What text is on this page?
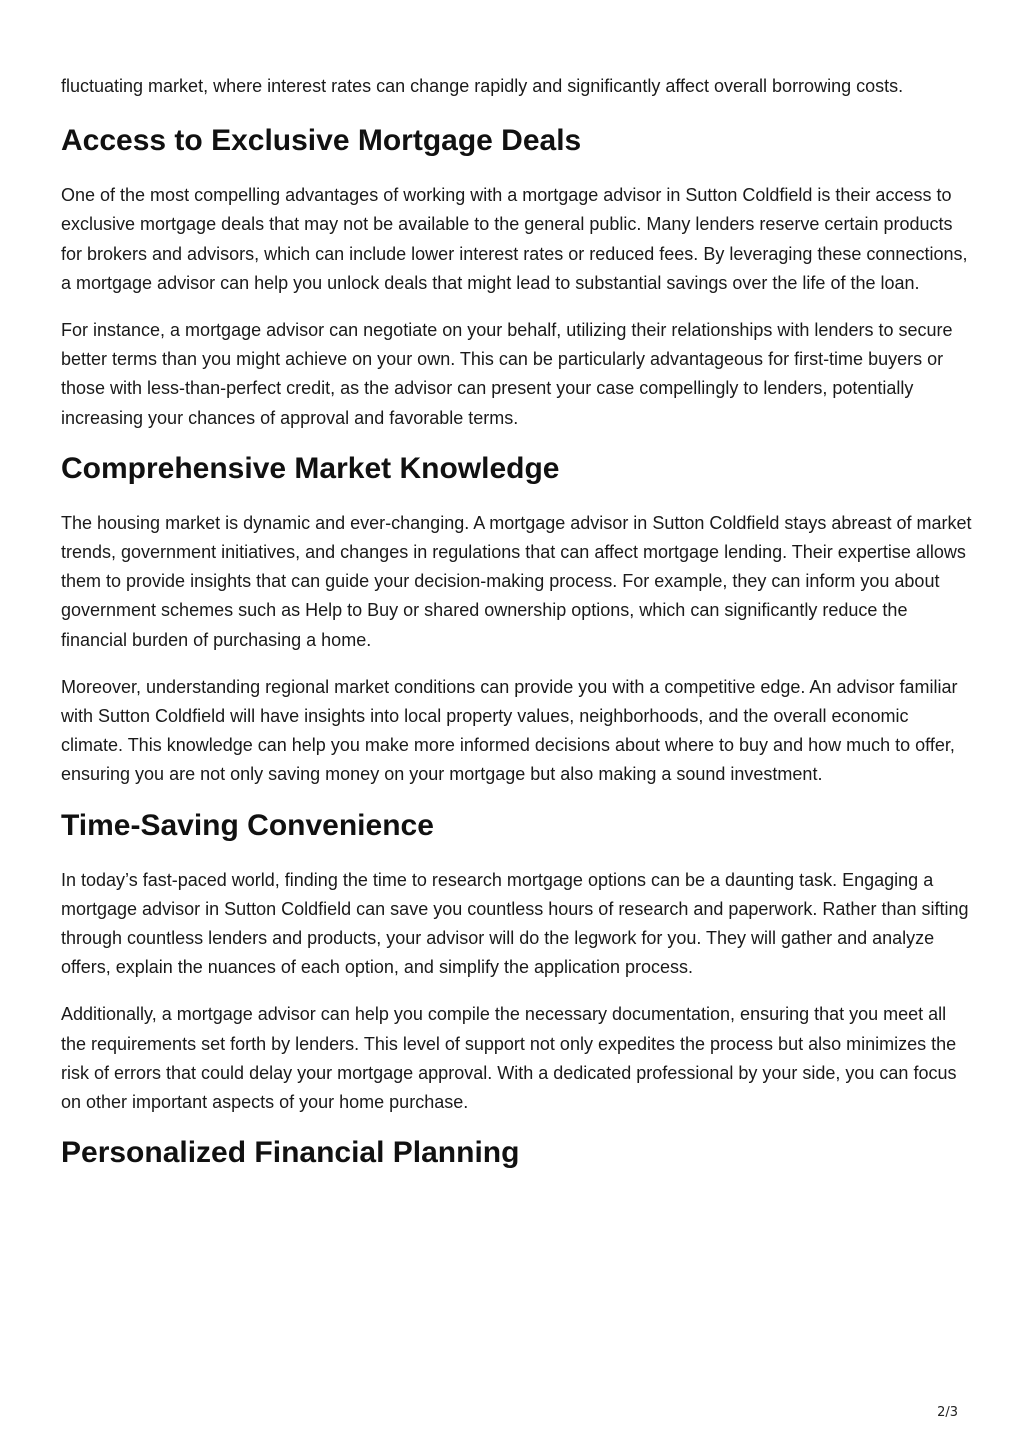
fluctuating market, where interest rates can change rapidly and significantly affect overall borrowing costs.

Access to Exclusive Mortgage Deals

One of the most compelling advantages of working with a mortgage advisor in Sutton Coldfield is their access to exclusive mortgage deals that may not be available to the general public. Many lenders reserve certain products for brokers and advisors, which can include lower interest rates or reduced fees. By leveraging these connections, a mortgage advisor can help you unlock deals that might lead to substantial savings over the life of the loan.

For instance, a mortgage advisor can negotiate on your behalf, utilizing their relationships with lenders to secure better terms than you might achieve on your own. This can be particularly advantageous for first-time buyers or those with less-than-perfect credit, as the advisor can present your case compellingly to lenders, potentially increasing your chances of approval and favorable terms.

Comprehensive Market Knowledge

The housing market is dynamic and ever-changing. A mortgage advisor in Sutton Coldfield stays abreast of market trends, government initiatives, and changes in regulations that can affect mortgage lending. Their expertise allows them to provide insights that can guide your decision-making process. For example, they can inform you about government schemes such as Help to Buy or shared ownership options, which can significantly reduce the financial burden of purchasing a home.

Moreover, understanding regional market conditions can provide you with a competitive edge. An advisor familiar with Sutton Coldfield will have insights into local property values, neighborhoods, and the overall economic climate. This knowledge can help you make more informed decisions about where to buy and how much to offer, ensuring you are not only saving money on your mortgage but also making a sound investment.

Time-Saving Convenience

In today’s fast-paced world, finding the time to research mortgage options can be a daunting task. Engaging a mortgage advisor in Sutton Coldfield can save you countless hours of research and paperwork. Rather than sifting through countless lenders and products, your advisor will do the legwork for you. They will gather and analyze offers, explain the nuances of each option, and simplify the application process.

Additionally, a mortgage advisor can help you compile the necessary documentation, ensuring that you meet all the requirements set forth by lenders. This level of support not only expedites the process but also minimizes the risk of errors that could delay your mortgage approval. With a dedicated professional by your side, you can focus on other important aspects of your home purchase.

Personalized Financial Planning
2/3
